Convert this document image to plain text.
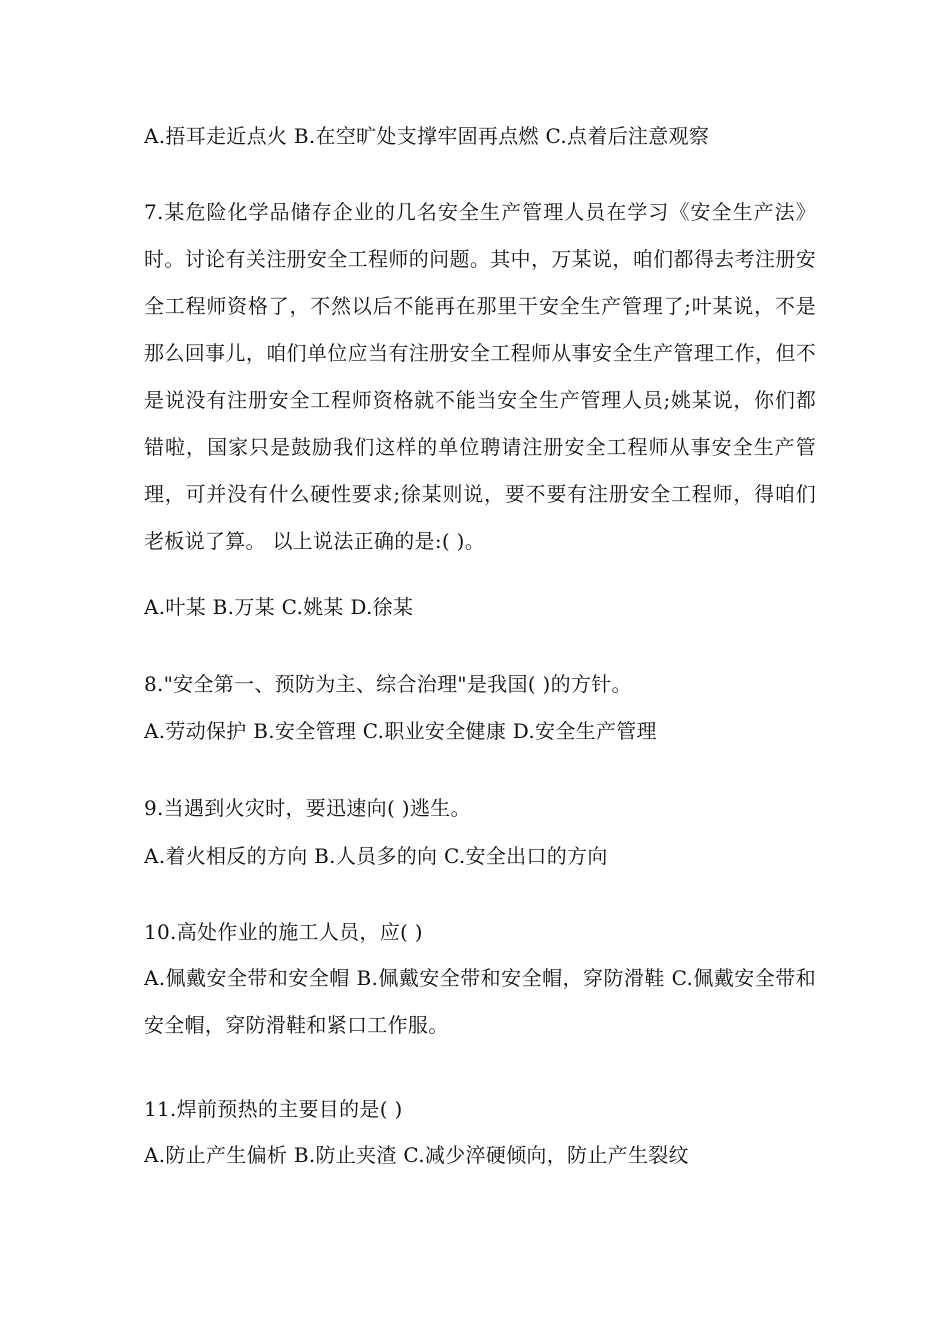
A.捂耳走近点火 B.在空旷处支撑牢固再点燃 C.点着后注意观察
7.某危险化学品储存企业的几名安全生产管理人员在学习《安全生产法》时。讨论有关注册安全工程师的问题。其中，万某说，咱们都得去考注册安全工程师资格了，不然以后不能再在那里干安全生产管理了;叶某说，不是那么回事儿，咱们单位应当有注册安全工程师从事安全生产管理工作，但不是说没有注册安全工程师资格就不能当安全生产管理人员;姚某说，你们都错啦，国家只是鼓励我们这样的单位聘请注册安全工程师从事安全生产管理，可并没有什么硬性要求;徐某则说，要不要有注册安全工程师，得咱们老板说了算。 以上说法正确的是:( )。
A.叶某 B.万某 C.姚某 D.徐某
8."安全第一、预防为主、综合治理"是我国( )的方针。
A.劳动保护 B.安全管理 C.职业安全健康 D.安全生产管理
9.当遇到火灾时，要迅速向( )逃生。
A.着火相反的方向 B.人员多的向 C.安全出口的方向
10.高处作业的施工人员，应( )
A.佩戴安全带和安全帽 B.佩戴安全带和安全帽，穿防滑鞋 C.佩戴安全带和安全帽，穿防滑鞋和紧口工作服。
11.焊前预热的主要目的是( )
A.防止产生偏析 B.防止夹渣 C.减少淬硬倾向，防止产生裂纹
